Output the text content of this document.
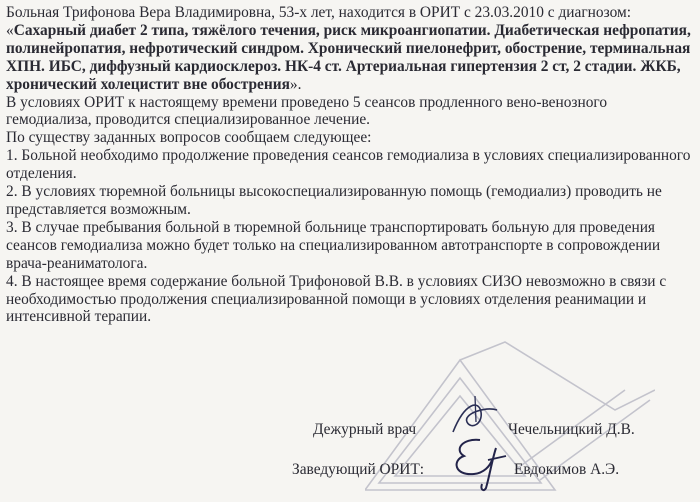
Больная Трифонова Вера Владимировна, 53-х лет, находится в ОРИТ с 23.03.2010 с диагнозом: «Сахарный диабет 2 типа, тяжёлого течения, риск микроангиопатии. Диабетическая нефропатия, полинейропатия, нефротический синдром. Хронический пиелонефрит, обострение, терминальная ХПН. ИБС, диффузный кардиосклероз. НК-4 ст. Артериальная гипертензия 2 ст, 2 стадии. ЖКБ, хронический холецистит вне обострения».

В условиях ОРИТ к настоящему времени проведено 5 сеансов продленного вено-венозного гемодиализа, проводится специализированное лечение.

По существу заданных вопросов сообщаем следующее:

1. Больной необходимо продолжение проведения сеансов гемодиализа в условиях специализированного отделения.

2. В условиях тюремной больницы высокоспециализированную помощь (гемодиализ) проводить не представляется возможным.

3. В случае пребывания больной в тюремной больнице транспортировать больную для проведения сеансов гемодиализа можно будет только на специализированном автотранспорте в сопровождении врача-реаниматолога.

4. В настоящее время содержание больной Трифоновой В.В. в условиях СИЗО невозможно в связи с необходимостью продолжения специализированной помощи в условиях отделения реанимации и интенсивной терапии.

Дежурный врач	Чечельницкий Д.В.
Заведующий ОРИТ:	Евдокимов А.Э.
